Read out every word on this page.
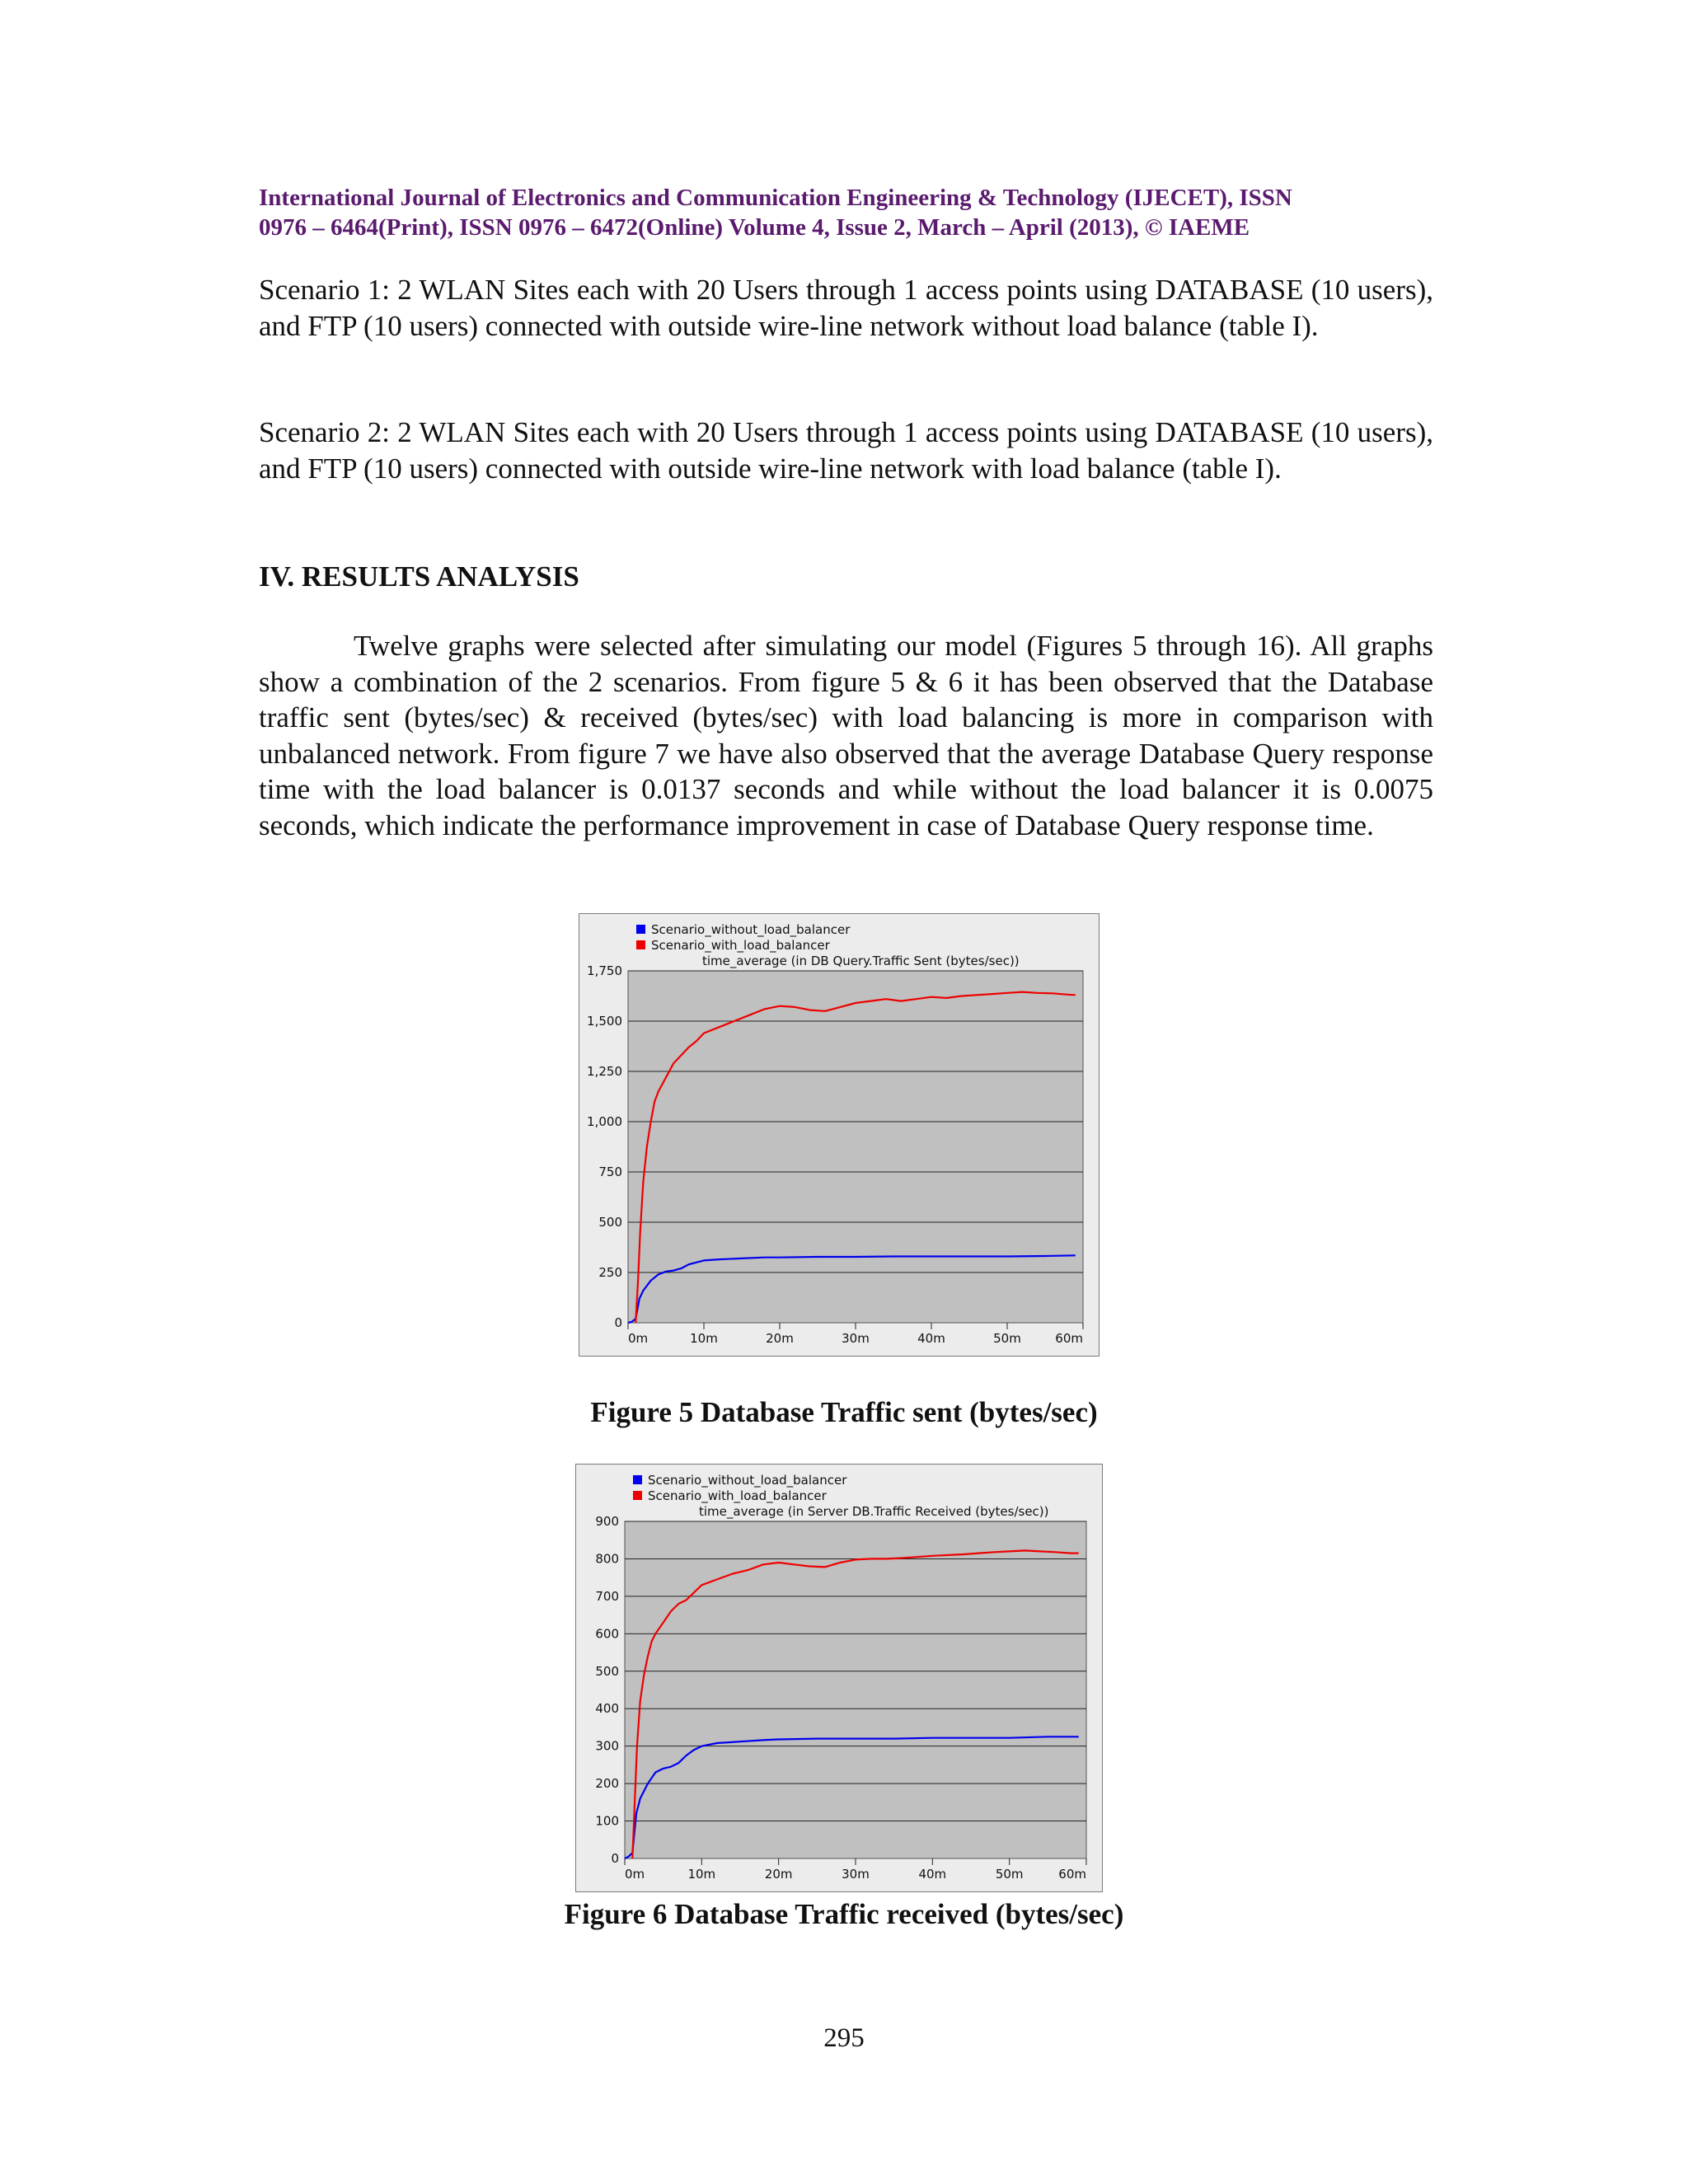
International Journal of Electronics and Communication Engineering & Technology (IJECET), ISSN
0976 – 6464(Print), ISSN 0976 – 6472(Online) Volume 4, Issue 2, March – April (2013), © IAEME

Scenario 1: 2 WLAN Sites each with 20 Users through 1 access points using DATABASE (10 users), and FTP (10 users) connected with outside wire-line network without load balance (table I).

Scenario 2: 2 WLAN Sites each with 20 Users through 1 access points using DATABASE (10 users), and FTP (10 users) connected with outside wire-line network with load balance (table I).

IV. RESULTS ANALYSIS

Twelve graphs were selected after simulating our model (Figures 5 through 16). All graphs show a combination of the 2 scenarios. From figure 5 & 6 it has been observed that the Database traffic sent (bytes/sec) & received (bytes/sec) with load balancing is more in comparison with unbalanced network. From figure 7 we have also observed that the average Database Query response time with the load balancer is 0.0137 seconds and while without the load balancer it is 0.0075 seconds, which indicate the performance improvement in case of Database Query response time.

0
250
500
750
1,000
1,250
1,500
1,750
0m	10m	20m	30m	40m	50m	60m
Scenario_without_load_balancer
Scenario_with_load_balancer
time_average (in DB Query.Traffic Sent (bytes/sec))
Figure 5 Database Traffic sent (bytes/sec)
0
100
200
300
400
500
600
700
800
900
0m	10m	20m	30m	40m	50m	60m
Scenario_without_load_balancer
Scenario_with_load_balancer
time_average (in Server DB.Traffic Received (bytes/sec))
Figure 6 Database Traffic received (bytes/sec)
295
